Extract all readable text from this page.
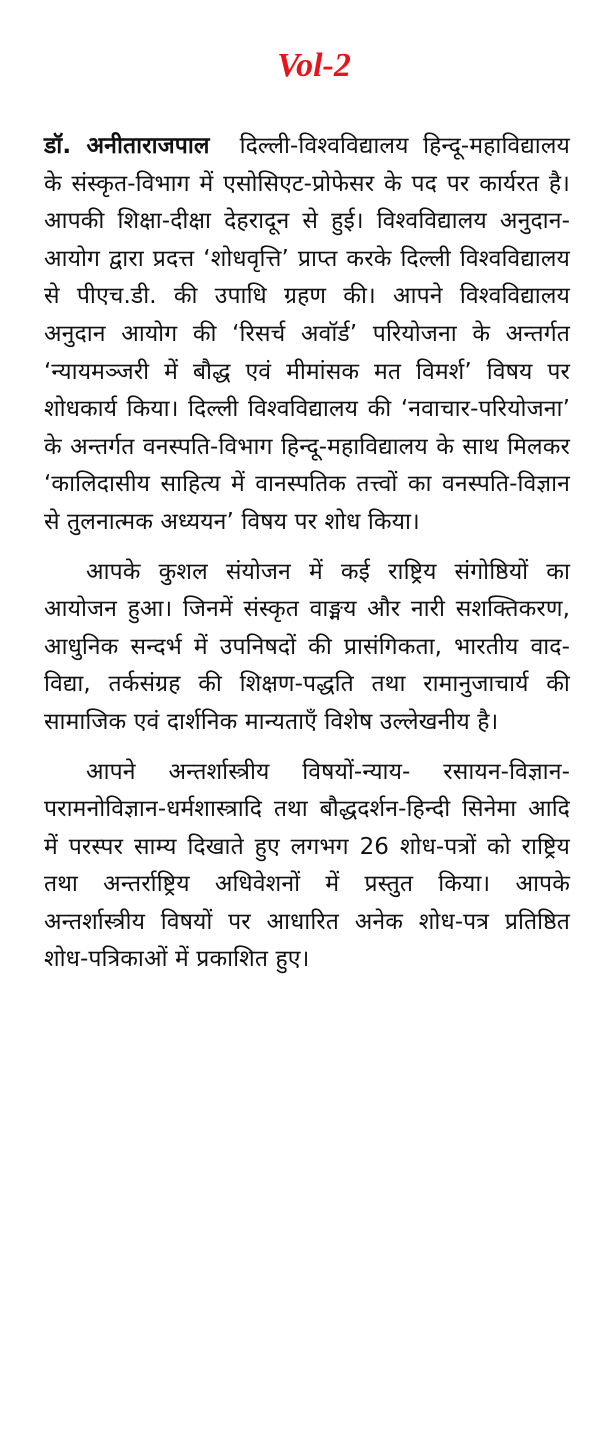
Vol-2

डॉ. अनीताराजपाल दिल्ली-विश्वविद्यालय हिन्दू-महाविद्यालय के संस्कृत-विभाग में एसोसिएट-प्रोफेसर के पद पर कार्यरत है। आपकी शिक्षा-दीक्षा देहरादून से हुई। विश्वविद्यालय अनुदान-आयोग द्वारा प्रदत्त ‘शोधवृत्ति’ प्राप्त करके दिल्ली विश्वविद्यालय से पीएच.डी. की उपाधि ग्रहण की। आपने विश्वविद्यालय अनुदान आयोग की ‘रिसर्च अवॉर्ड’ परियोजना के अन्तर्गत ‘न्यायमञ्जरी में बौद्ध एवं मीमांसक मत विमर्श’ विषय पर शोधकार्य किया। दिल्ली विश्वविद्यालय की ‘नवाचार-परियोजना’ के अन्तर्गत वनस्पति-विभाग हिन्दू-महाविद्यालय के साथ मिलकर ‘कालिदासीय साहित्य में वानस्पतिक तत्त्वों का वनस्पति-विज्ञान से तुलनात्मक अध्ययन’ विषय पर शोध किया।

आपके कुशल संयोजन में कई राष्ट्रिय संगोष्ठियों का आयोजन हुआ। जिनमें संस्कृत वाङ्मय और नारी सशक्तिकरण, आधुनिक सन्दर्भ में उपनिषदों की प्रासंगिकता, भारतीय वाद-विद्या, तर्कसंग्रह की शिक्षण-पद्धति तथा रामानुजाचार्य की सामाजिक एवं दार्शनिक मान्यताएँ विशेष उल्लेखनीय है।

आपने अन्तर्शास्त्रीय विषयों-न्याय- रसायन-विज्ञान-परामनोविज्ञान-धर्मशास्त्रादि तथा बौद्धदर्शन-हिन्दी सिनेमा आदि में परस्पर साम्य दिखाते हुए लगभग 26 शोध-पत्रों को राष्ट्रिय तथा अन्तर्राष्ट्रिय अधिवेशनों में प्रस्तुत किया। आपके अन्तर्शास्त्रीय विषयों पर आधारित अनेक शोध-पत्र प्रतिष्ठित शोध-पत्रिकाओं में प्रकाशित हुए।
